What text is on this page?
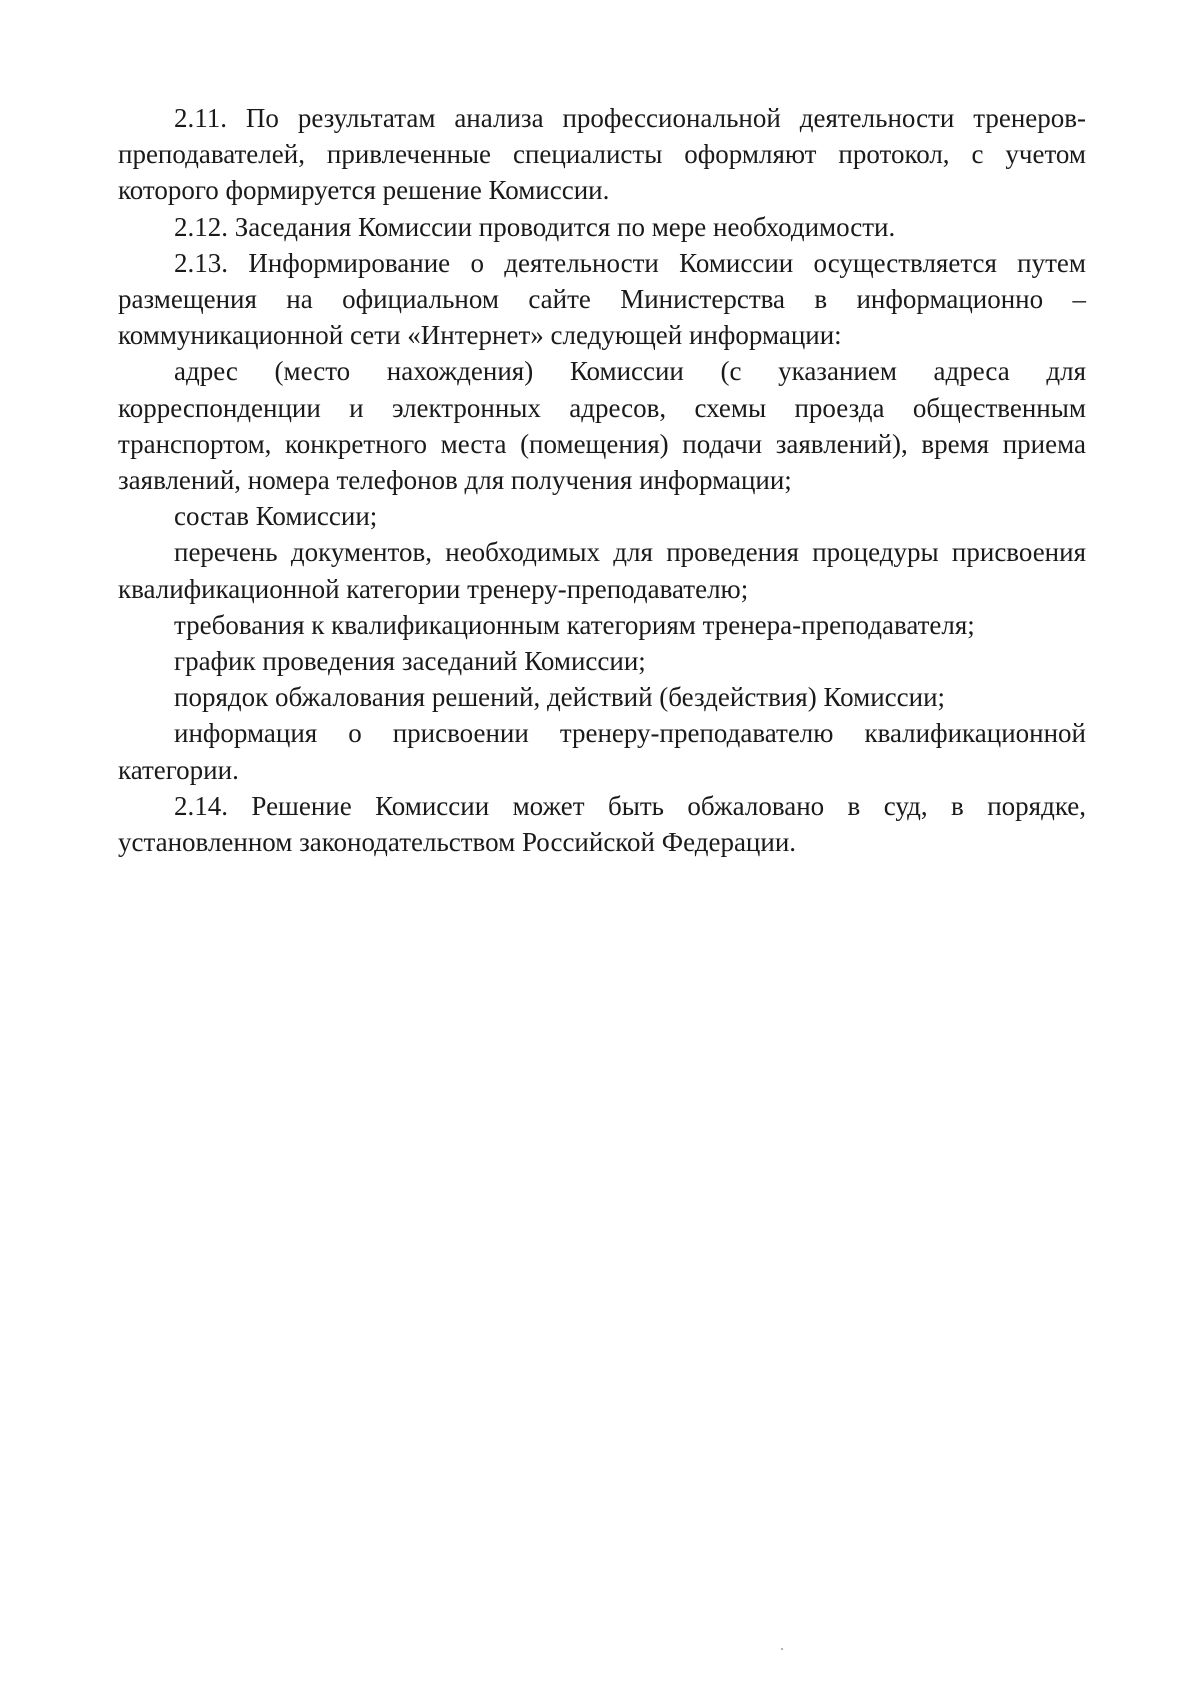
2.11. По результатам анализа профессиональной деятельности тренеров-преподавателей, привлеченные специалисты оформляют протокол, с учетом которого формируется решение Комиссии.

2.12. Заседания Комиссии проводится по мере необходимости.

2.13. Информирование о деятельности Комиссии осуществляется путем размещения на официальном сайте Министерства в информационно – коммуникационной сети «Интернет» следующей информации:

адрес (место нахождения) Комиссии (с указанием адреса для корреспонденции и электронных адресов, схемы проезда общественным транспортом, конкретного места (помещения) подачи заявлений), время приема заявлений, номера телефонов для получения информации;

состав Комиссии;

перечень документов, необходимых для проведения процедуры присвоения квалификационной категории тренеру-преподавателю;

требования к квалификационным категориям тренера-преподавателя;

график проведения заседаний Комиссии;

порядок обжалования решений, действий (бездействия) Комиссии;

информация о присвоении тренеру-преподавателю квалификационной категории.

2.14. Решение Комиссии может быть обжаловано в суд, в порядке, установленном законодательством Российской Федерации.
